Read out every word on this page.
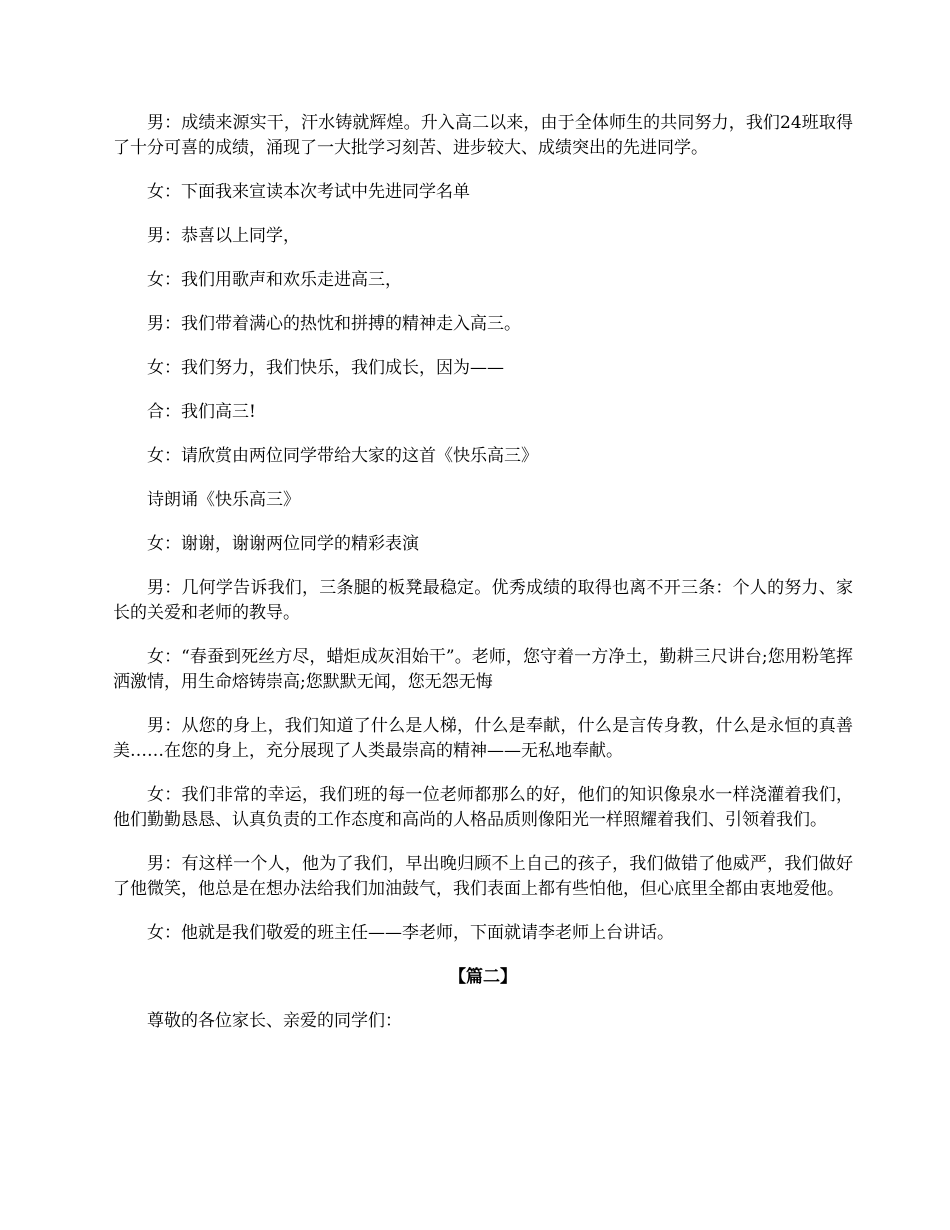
男：成绩来源实干，汗水铸就辉煌。升入高二以来，由于全体师生的共同努力，我们24班取得了十分可喜的成绩，涌现了一大批学习刻苦、进步较大、成绩突出的先进同学。

女：下面我来宣读本次考试中先进同学名单

男：恭喜以上同学，

女：我们用歌声和欢乐走进高三，

男：我们带着满心的热忱和拼搏的精神走入高三。

女：我们努力，我们快乐，我们成长，因为——

合：我们高三!

女：请欣赏由两位同学带给大家的这首《快乐高三》

诗朗诵《快乐高三》

女：谢谢，谢谢两位同学的精彩表演

男：几何学告诉我们，三条腿的板凳最稳定。优秀成绩的取得也离不开三条：个人的努力、家长的关爱和老师的教导。

女：“春蚕到死丝方尽，蜡炬成灰泪始干”。老师，您守着一方净土，勤耕三尺讲台;您用粉笔挥洒激情，用生命熔铸崇高;您默默无闻，您无怨无悔

男：从您的身上，我们知道了什么是人梯，什么是奉献，什么是言传身教，什么是永恒的真善美……在您的身上，充分展现了人类最崇高的精神——无私地奉献。

女：我们非常的幸运，我们班的每一位老师都那么的好，他们的知识像泉水一样浇灌着我们，他们勤勤恳恳、认真负责的工作态度和高尚的人格品质则像阳光一样照耀着我们、引领着我们。

男：有这样一个人，他为了我们，早出晚归顾不上自己的孩子，我们做错了他威严，我们做好了他微笑，他总是在想办法给我们加油鼓气，我们表面上都有些怕他，但心底里全都由衷地爱他。

女：他就是我们敬爱的班主任——李老师，下面就请李老师上台讲话。

【篇二】

尊敬的各位家长、亲爱的同学们：
